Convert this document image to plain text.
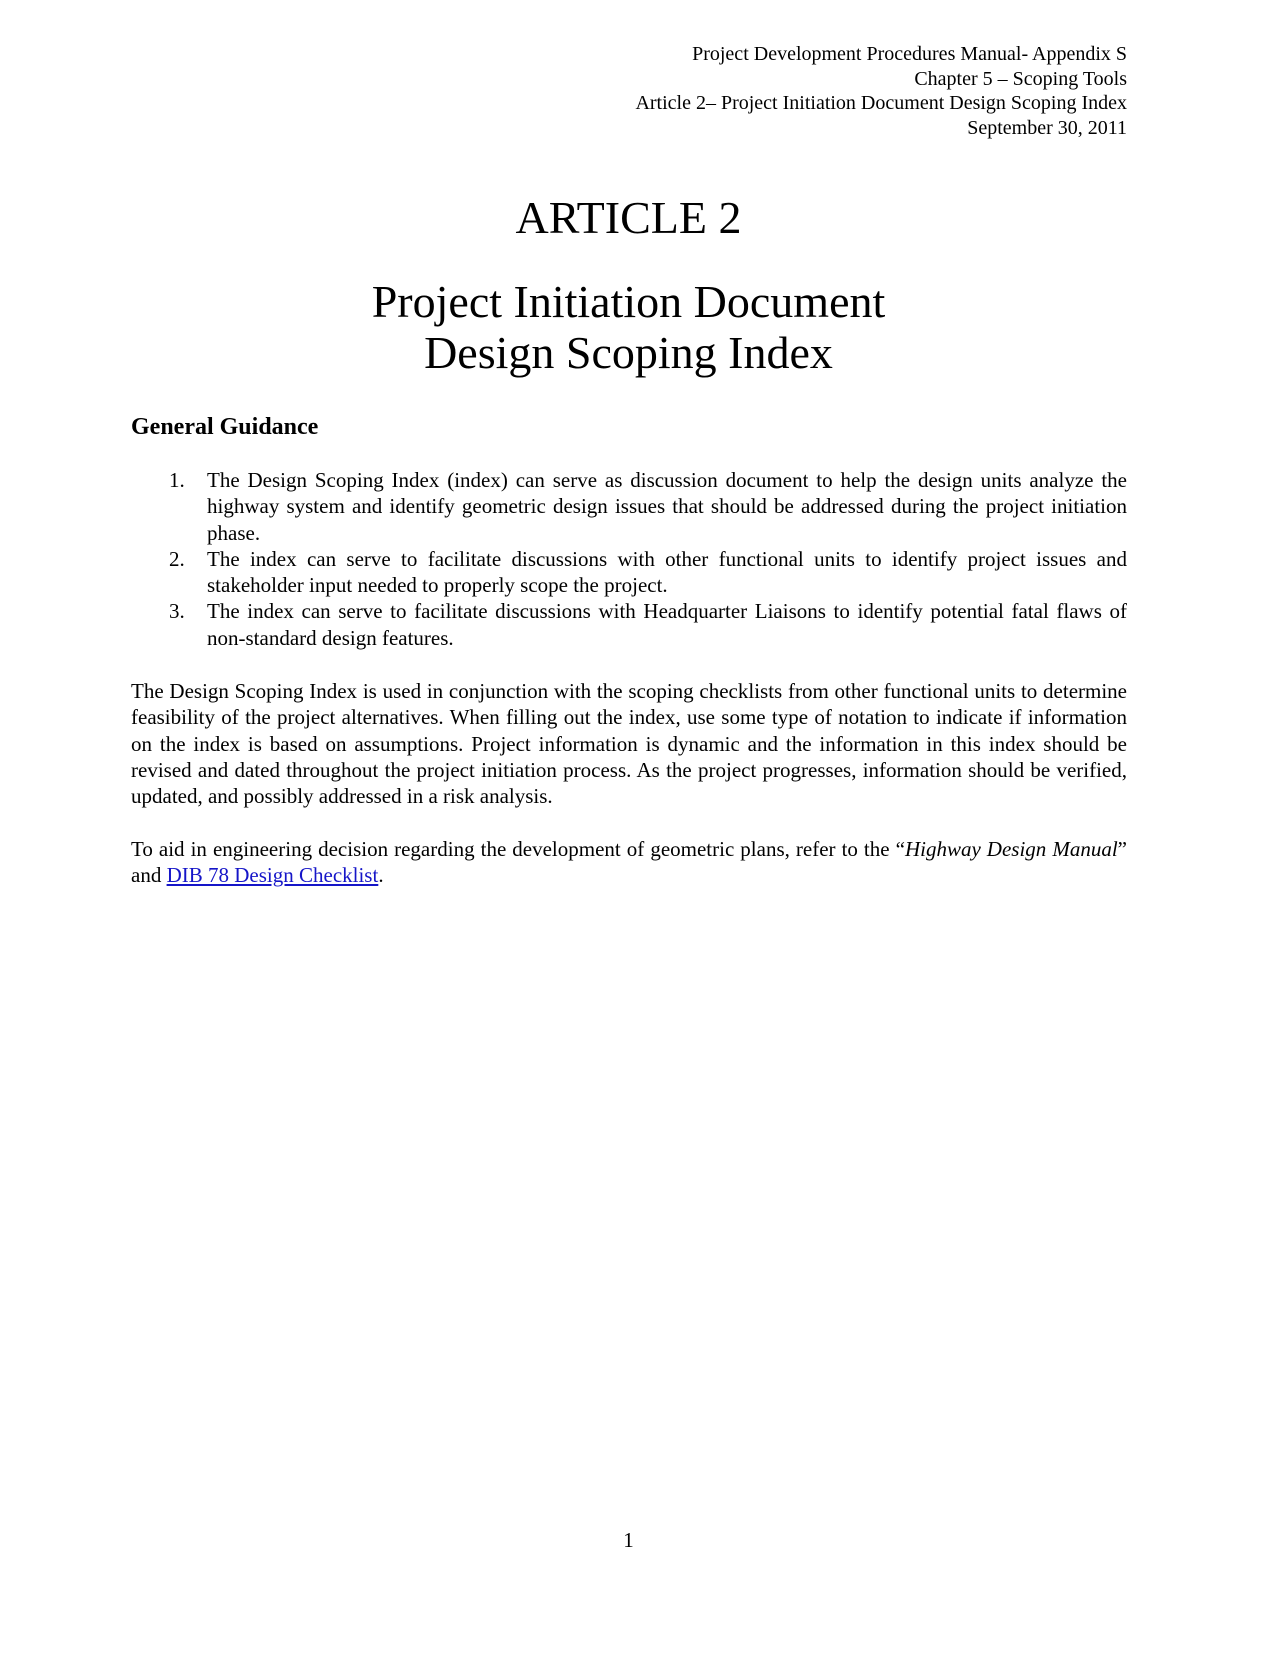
Project Development Procedures Manual- Appendix S
Chapter 5 – Scoping Tools
Article 2– Project Initiation Document Design Scoping Index
September 30, 2011
ARTICLE 2
Project Initiation Document
Design Scoping Index
General Guidance
1. The Design Scoping Index (index) can serve as discussion document to help the design units analyze the highway system and identify geometric design issues that should be addressed during the project initiation phase.
2. The index can serve to facilitate discussions with other functional units to identify project issues and stakeholder input needed to properly scope the project.
3. The index can serve to facilitate discussions with Headquarter Liaisons to identify potential fatal flaws of non-standard design features.
The Design Scoping Index is used in conjunction with the scoping checklists from other functional units to determine feasibility of the project alternatives. When filling out the index, use some type of notation to indicate if information on the index is based on assumptions. Project information is dynamic and the information in this index should be revised and dated throughout the project initiation process. As the project progresses, information should be verified, updated, and possibly addressed in a risk analysis.
To aid in engineering decision regarding the development of geometric plans, refer to the “Highway Design Manual” and DIB 78 Design Checklist.
1
